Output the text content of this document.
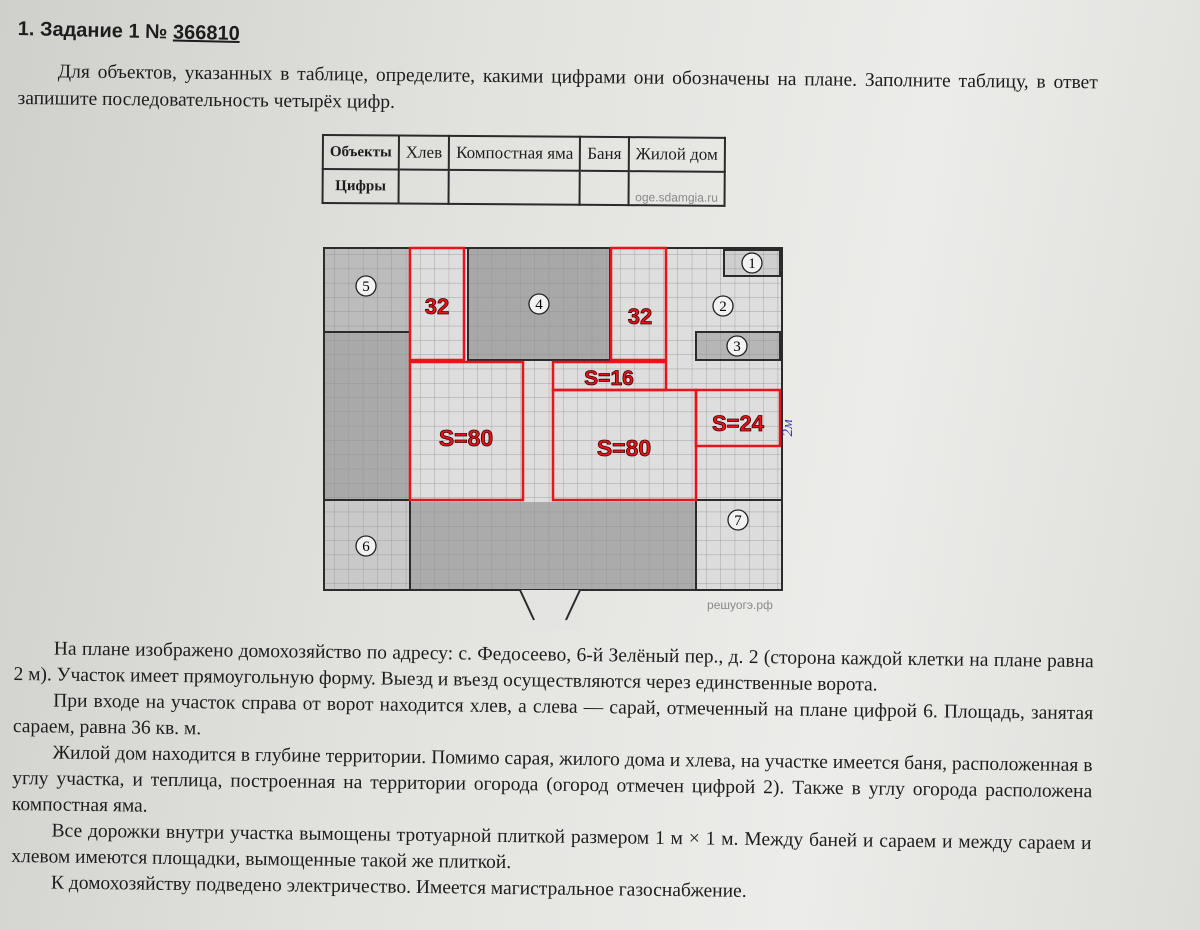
1. Задание 1 № 366810
Для объектов, указанных в таблице, определите, какими цифрами они обозначены на плане. Заполните таблицу, в ответ запишите последовательность четырёх цифр.
Объекты	Хлев	Компостная яма	Баня	Жилой дом
Цифры				oge.sdamgia.ru
5
4
1
2
3
6
7
32	32
S=16
S=80	S=80
S=24 2м
решуогэ.рф

На плане изображено домохозяйство по адресу: с. Федосеево, 6-й Зелёный пер., д. 2 (сторона каждой клетки на плане равна 2 м). Участок имеет прямоугольную форму. Выезд и въезд осуществляются через единственные ворота.

При входе на участок справа от ворот находится хлев, а слева — сарай, отмеченный на плане цифрой 6. Площадь, занятая сараем, равна 36 кв. м.

Жилой дом находится в глубине территории. Помимо сарая, жилого дома и хлева, на участке имеется баня, расположенная в углу участка, и теплица, построенная на территории огорода (огород отмечен цифрой 2). Также в углу огорода расположена компостная яма.

Все дорожки внутри участка вымощены тротуарной плиткой размером 1 м × 1 м. Между баней и сараем и между сараем и хлевом имеются площадки, вымощенные такой же плиткой.

К домохозяйству подведено электричество. Имеется магистральное газоснабжение.
